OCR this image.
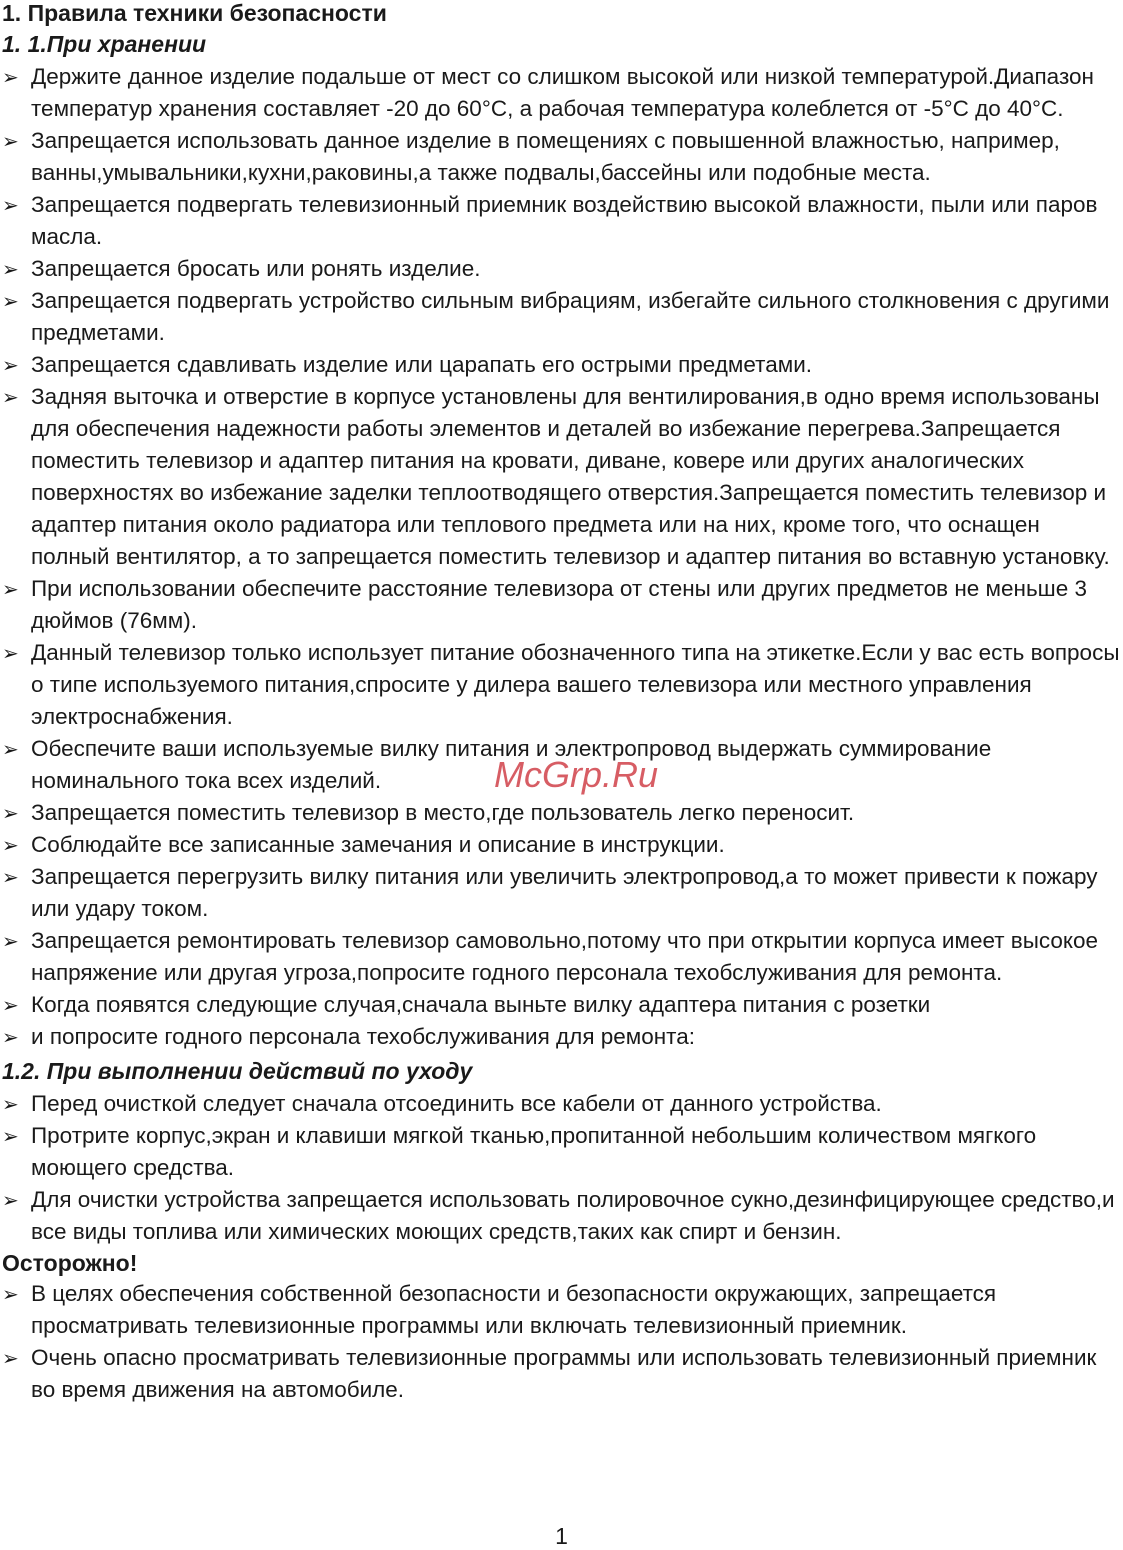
1. Правила техники безопасности
1. 1.При хранении
➢ Держите данное изделие подальше от мест со слишком высокой или низкой температурой.Диапазон температур хранения составляет -20 до 60°C, а рабочая температура колеблется от -5°C до 40°C.
➢ Запрещается использовать данное изделие в помещениях с повышенной влажностью, например, ванны,умывальники,кухни,раковины,а также подвалы,бассейны или подобные места.
➢ Запрещается подвергать телевизионный приемник воздействию высокой влажности, пыли или паров масла.
➢ Запрещается бросать или ронять изделие.
➢ Запрещается подвергать устройство сильным вибрациям, избегайте сильного столкновения с другими предметами.
➢ Запрещается сдавливать изделие или царапать его острыми предметами.
➢ Задняя выточка и отверстие в корпусе установлены для вентилирования,в одно время использованы для обеспечения надежности работы элементов и деталей во избежание перегрева.Запрещается поместить телевизор и адаптер питания на кровати, диване, ковере или других аналогических поверхностях во избежание заделки теплоотводящего отверстия.Запрещается поместить телевизор и адаптер питания около радиатора или теплового предмета или на них, кроме того, что оснащен полный вентилятор, а то запрещается поместить телевизор и адаптер питания во вставную установку.
➢ При использовании обеспечите расстояние телевизора от стены или других предметов не меньше 3 дюймов (76мм).
➢ Данный телевизор только использует питание обозначенного типа на этикетке.Если у вас есть вопросы о типе используемого питания,спросите у дилера вашего телевизора или местного управления электроснабжения.
➢ Обеспечите ваши используемые вилку питания и электропровод выдержать суммирование номинального тока всех изделий.
➢ Запрещается поместить телевизор в место,где пользователь легко переносит.
➢ Соблюдайте все записанные замечания и описание в инструкции.
➢ Запрещается перегрузить вилку питания или увеличить электропровод,а то может привести к пожару или удару током.
➢ Запрещается ремонтировать телевизор самовольно,потому что при открытии корпуса имеет высокое напряжение или другая угроза,попросите годного персонала техобслуживания для ремонта.
➢ Когда появятся следующие случая,сначала выньте вилку адаптера питания с розетки
➢ и попросите годного персонала техобслуживания для ремонта:
1.2. При выполнении действий по уходу
➢ Перед очисткой следует сначала отсоединить все кабели от данного устройства.
➢ Протрите корпус,экран и клавиши мягкой тканью,пропитанной небольшим количеством мягкого моющего средства.
➢ Для очистки устройства запрещается использовать полировочное сукно,дезинфицирующее средство,и все виды топлива или химических моющих средств,таких как спирт и бензин.
Осторожно!
➢ В целях обеспечения собственной безопасности и безопасности окружающих, запрещается просматривать телевизионные программы или включать телевизионный приемник.
➢ Очень опасно просматривать телевизионные программы или использовать телевизионный приемник во время движения на автомобиле.
McGrp.Ru
1
